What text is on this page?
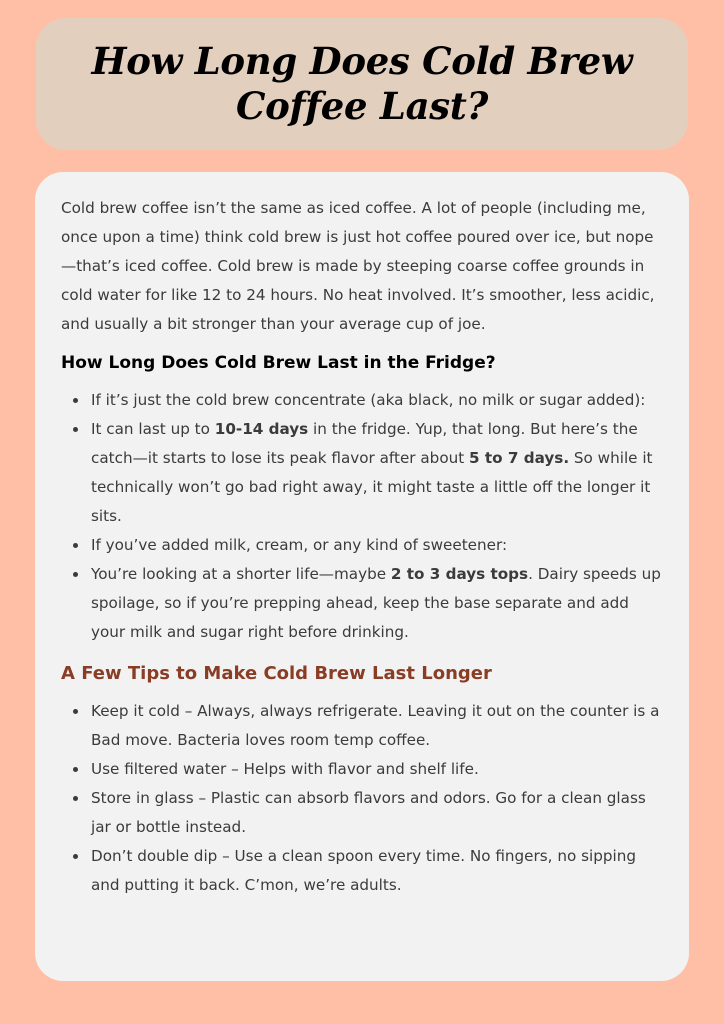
How Long Does Cold Brew Coffee Last?

Cold brew coffee isn’t the same as iced coffee. A lot of people (including me, once upon a time) think cold brew is just hot coffee poured over ice, but nope—that’s iced coffee. Cold brew is made by steeping coarse coffee grounds in cold water for like 12 to 24 hours. No heat involved. It’s smoother, less acidic, and usually a bit stronger than your average cup of joe.

How Long Does Cold Brew Last in the Fridge?
If it’s just the cold brew concentrate (aka black, no milk or sugar added):
It can last up to 10-14 days in the fridge. Yup, that long. But here’s the catch—it starts to lose its peak flavor after about 5 to 7 days. So while it technically won’t go bad right away, it might taste a little off the longer it sits.
If you’ve added milk, cream, or any kind of sweetener:
You’re looking at a shorter life—maybe 2 to 3 days tops. Dairy speeds up spoilage, so if you’re prepping ahead, keep the base separate and add your milk and sugar right before drinking.
A Few Tips to Make Cold Brew Last Longer
Keep it cold – Always, always refrigerate. Leaving it out on the counter is a Bad move. Bacteria loves room temp coffee.
Use filtered water – Helps with flavor and shelf life.
Store in glass – Plastic can absorb flavors and odors. Go for a clean glass jar or bottle instead.
Don’t double dip – Use a clean spoon every time. No fingers, no sipping and putting it back. C’mon, we’re adults.
